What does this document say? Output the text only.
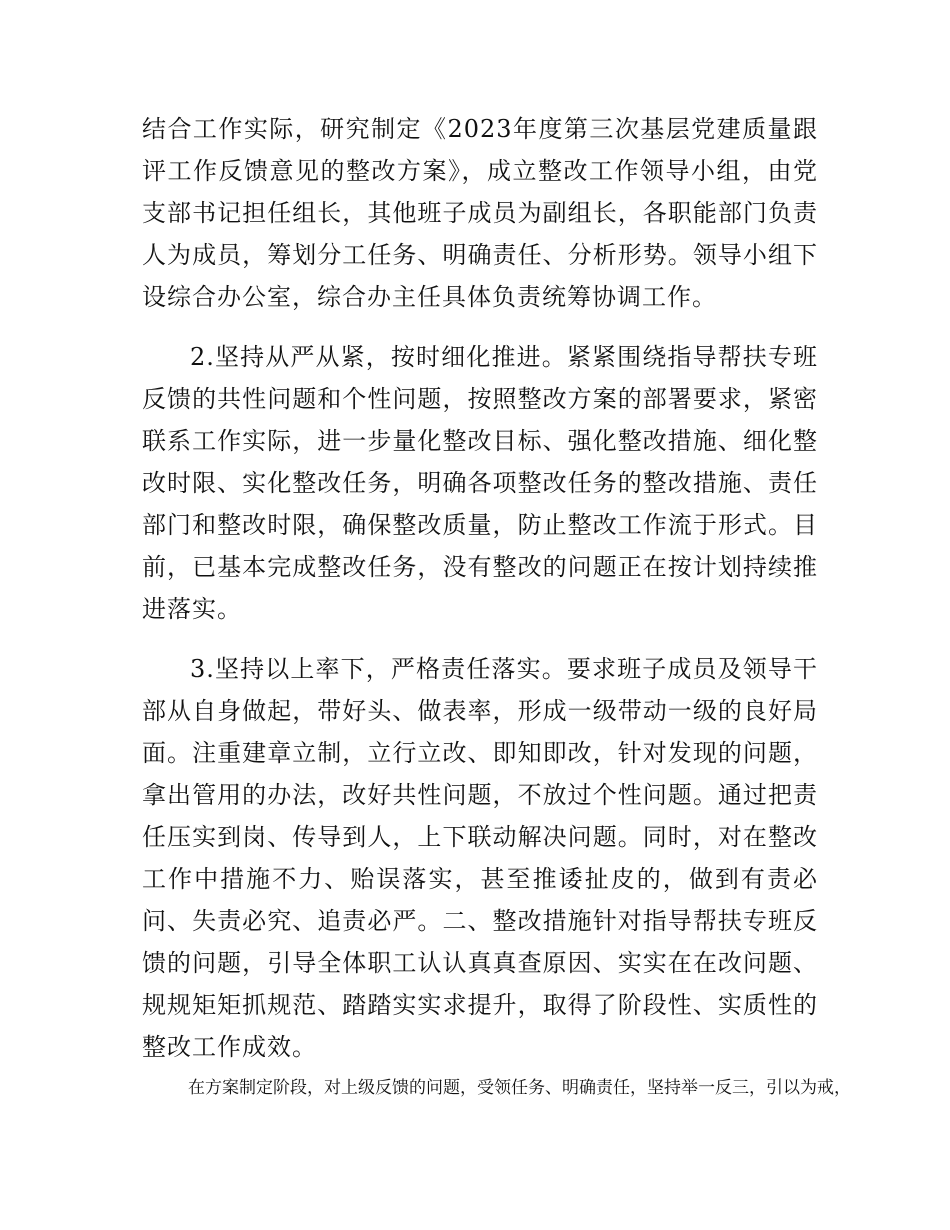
结合工作实际，研究制定《2023年度第三次基层党建质量跟评工作反馈意见的整改方案》，成立整改工作领导小组，由党支部书记担任组长，其他班子成员为副组长，各职能部门负责人为成员，筹划分工任务、明确责任、分析形势。领导小组下设综合办公室，综合办主任具体负责统筹协调工作。

2.坚持从严从紧，按时细化推进。紧紧围绕指导帮扶专班反馈的共性问题和个性问题，按照整改方案的部署要求，紧密联系工作实际，进一步量化整改目标、强化整改措施、细化整改时限、实化整改任务，明确各项整改任务的整改措施、责任部门和整改时限，确保整改质量，防止整改工作流于形式。目前，已基本完成整改任务，没有整改的问题正在按计划持续推进落实。

3.坚持以上率下，严格责任落实。要求班子成员及领导干部从自身做起，带好头、做表率，形成一级带动一级的良好局面。注重建章立制，立行立改、即知即改，针对发现的问题，拿出管用的办法，改好共性问题，不放过个性问题。通过把责任压实到岗、传导到人，上下联动解决问题。同时，对在整改工作中措施不力、贻误落实，甚至推诿扯皮的，做到有责必问、失责必究、追责必严。二、整改措施针对指导帮扶专班反馈的问题，引导全体职工认认真真查原因、实实在在改问题、规规矩矩抓规范、踏踏实实求提升，取得了阶段性、实质性的整改工作成效。

在方案制定阶段，对上级反馈的问题，受领任务、明确责任，坚持举一反三，引以为戒，
